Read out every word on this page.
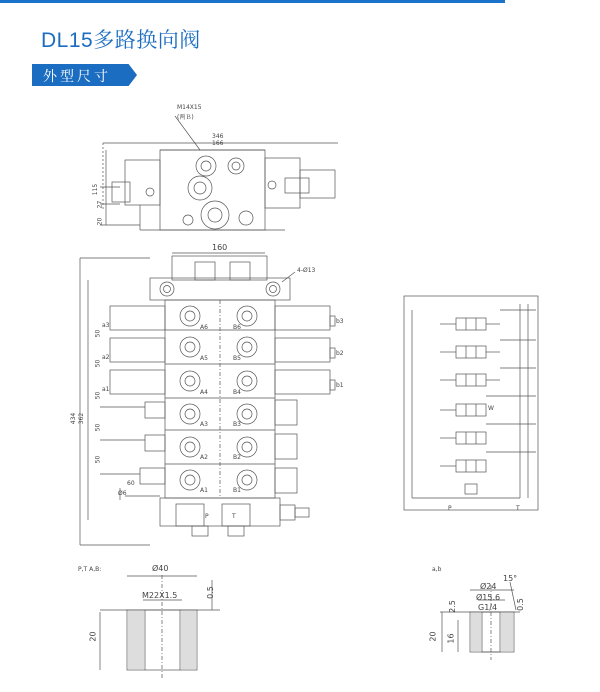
DL15多路换向阀
外型尺寸
M14X15
(两Ｂ)
346
166
115
27
20
160
4-Ø13
434 362
50
50
50
50
50
a3
a2
a1
b3
b2
b1
A6
A5
A4
A3
A2
A1
B6
B5
B4
B3
B2
B1
Ø6
60
P	T
P	T
W
P,T A,B:	Ø40
M22X1.5	0.5
20
a,b
Ø24
15°
Ø15.6
G1/4
2.5	0.5
20 16
